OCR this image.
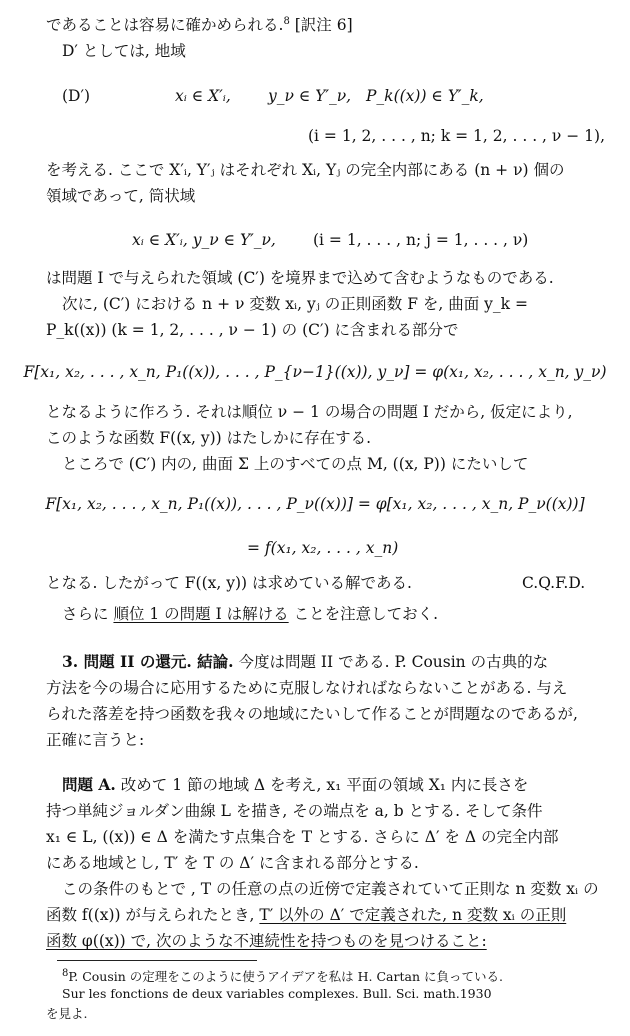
であることは容易に確かめられる.$^8$ [訳注 6]
D′ としては, 地域
(D′)	xᵢ ∈ X′ᵢ, y_ν ∈ Y′_ν, P_k((x)) ∈ Y′_k,
(i = 1, 2, . . . , n; k = 1, 2, . . . , ν − 1),
を考える. ここで X′ᵢ, Y′ⱼ はそれぞれ Xᵢ, Yⱼ の完全内部にある (n + ν) 個の
領域であって, 筒状域
xᵢ ∈ X′ᵢ, y_ν ∈ Y′_ν, (i = 1, . . . , n; j = 1, . . . , ν)
は問題 I で与えられた領域 (C′) を境界まで込めて含むようなものである.
次に, (C′) における n + ν 変数 xᵢ, yⱼ の正則函数 F を, 曲面 y_k =
P_k((x)) (k = 1, 2, . . . , ν − 1) の (C′) に含まれる部分で
F[x₁, x₂, . . . , x_n, P₁((x)), . . . , P_{ν−1}((x)), y_ν] = φ(x₁, x₂, . . . , x_n, y_ν)
となるように作ろう. それは順位 ν − 1 の場合の問題 I だから, 仮定により,
このような函数 F((x, y)) はたしかに存在する.
ところで (C′) 内の, 曲面 Σ 上のすべての点 M, ((x, P)) にたいして
F[x₁, x₂, . . . , x_n, P₁((x)), . . . , P_ν((x))] = φ[x₁, x₂, . . . , x_n, P_ν((x))]
= f(x₁, x₂, . . . , x_n)
となる. したがって F((x, y)) は求めている解である.	C.Q.F.D.
さらに 順位 1 の問題 I は解ける ことを注意しておく.
3. 問題 II の還元. 結論. 今度は問題 II である. P. Cousin の古典的な
方法を今の場合に応用するために克服しなければならないことがある. 与え
られた落差を持つ函数を我々の地域にたいして作ることが問題なのであるが,
正確に言うと:
問題 A. 改めて 1 節の地域 Δ を考え, x₁ 平面の領域 X₁ 内に長さを
持つ単純ジョルダン曲線 L を描き, その端点を a, b とする. そして条件
x₁ ∈ L, ((x)) ∈ Δ を満たす点集合を T とする. さらに Δ′ を Δ の完全内部
にある地域とし, T′ を T の Δ′ に含まれる部分とする.
この条件のもとで , T の任意の点の近傍で定義されていて正則な n 変数 xᵢ の
函数 f((x)) が与えられたとき, T′ 以外の Δ′ で定義された, n 変数 xᵢ の正則
函数 φ((x)) で, 次のような不連続性を持つものを見つけること:
$^8$P. Cousin の定理をこのように使うアイデアを私は H. Cartan に負っている.
Sur les fonctions de deux variables complexes. Bull. Sci. math.1930
を見よ.
